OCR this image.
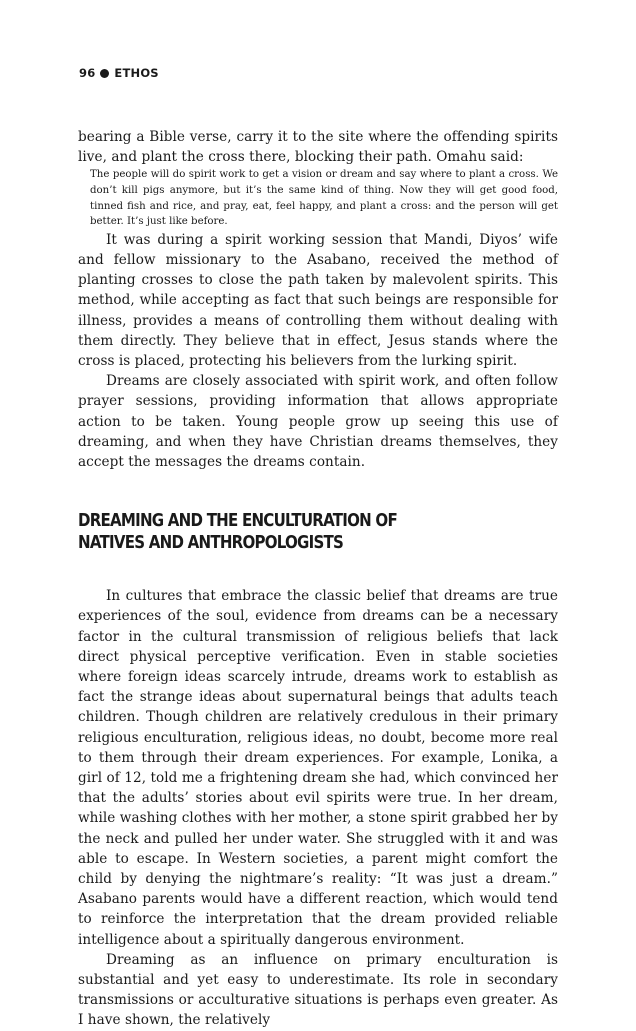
96 ETHOS

bearing a Bible verse, carry it to the site where the offending spirits live, and plant the cross there, blocking their path. Omahu said:

The people will do spirit work to get a vision or dream and say where to plant a cross. We don’t kill pigs anymore, but it’s the same kind of thing. Now they will get good food, tinned fish and rice, and pray, eat, feel happy, and plant a cross: and the person will get better. It’s just like before.

It was during a spirit working session that Mandi, Diyos’ wife and fellow missionary to the Asabano, received the method of planting crosses to close the path taken by malevolent spirits. This method, while accepting as fact that such beings are responsible for illness, provides a means of controlling them without dealing with them directly. They believe that in effect, Jesus stands where the cross is placed, protecting his believers from the lurking spirit.

Dreams are closely associated with spirit work, and often follow prayer sessions, providing information that allows appropriate action to be taken. Young people grow up seeing this use of dreaming, and when they have Christian dreams themselves, they accept the messages the dreams contain.

DREAMING AND THE ENCULTURATION OF
NATIVES AND ANTHROPOLOGISTS

In cultures that embrace the classic belief that dreams are true experiences of the soul, evidence from dreams can be a necessary factor in the cultural transmission of religious beliefs that lack direct physical perceptive verification. Even in stable societies where foreign ideas scarcely intrude, dreams work to establish as fact the strange ideas about supernatural beings that adults teach children. Though children are relatively credulous in their primary religious enculturation, religious ideas, no doubt, become more real to them through their dream experiences. For example, Lonika, a girl of 12, told me a frightening dream she had, which convinced her that the adults’ stories about evil spirits were true. In her dream, while washing clothes with her mother, a stone spirit grabbed her by the neck and pulled her under water. She struggled with it and was able to escape. In Western societies, a parent might comfort the child by denying the nightmare’s reality: “It was just a dream.” Asabano parents would have a different reaction, which would tend to reinforce the interpretation that the dream provided reliable intelligence about a spiritually dangerous environment.

Dreaming as an influence on primary enculturation is substantial and yet easy to underestimate. Its role in secondary transmissions or acculturative situations is perhaps even greater. As I have shown, the relatively
